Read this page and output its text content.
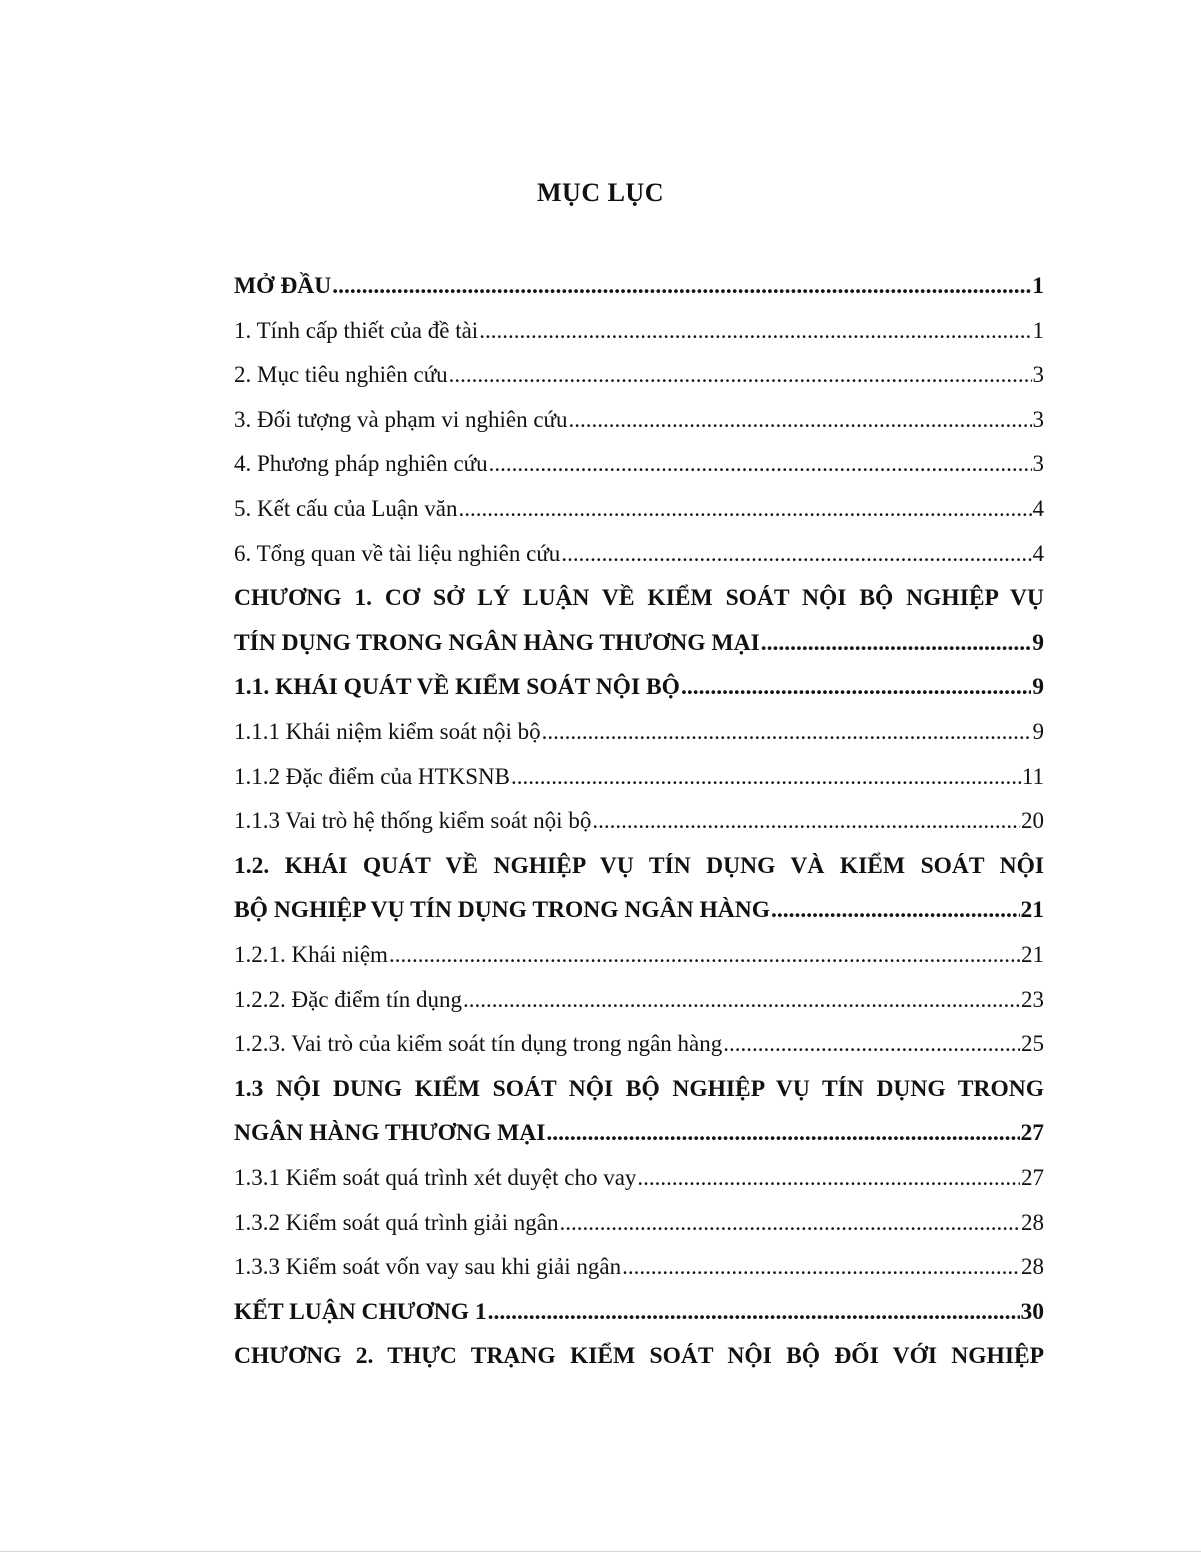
MỤC LỤC
MỞ ĐẦU .....	1
1. Tính cấp thiết của đề tài .....	1
2. Mục tiêu nghiên cứu .....	3
3. Đối tượng và phạm vi nghiên cứu .....	3
4. Phương pháp nghiên cứu .....	3
5. Kết cấu của Luận văn .....	4
6. Tổng quan về tài liệu nghiên cứu .....	4
CHƯƠNG 1. CƠ SỞ LÝ LUẬN VỀ KIỂM SOÁT NỘI BỘ NGHIỆP VỤ
TÍN DỤNG TRONG NGÂN HÀNG THƯƠNG MẠI .....	9
1.1. KHÁI QUÁT VỀ KIỂM SOÁT NỘI BỘ .....	9
1.1.1 Khái niệm kiểm soát nội bộ .....	9
1.1.2 Đặc điểm của HTKSNB .....	11
1.1.3 Vai trò hệ thống kiểm soát nội bộ .....	20
1.2. KHÁI QUÁT VỀ NGHIỆP VỤ TÍN DỤNG VÀ KIỂM SOÁT NỘI
BỘ NGHIỆP VỤ TÍN DỤNG TRONG NGÂN HÀNG .....	21
1.2.1. Khái niệm .....	21
1.2.2. Đặc điểm tín dụng .....	23
1.2.3. Vai trò của kiểm soát tín dụng trong ngân hàng .....	25
1.3 NỘI DUNG KIỂM SOÁT NỘI BỘ NGHIỆP VỤ TÍN DỤNG TRONG
NGÂN HÀNG THƯƠNG MẠI .....	27
1.3.1 Kiểm soát quá trình xét duyệt cho vay .....	27
1.3.2 Kiểm soát quá trình giải ngân .....	28
1.3.3 Kiểm soát vốn vay sau khi giải ngân .....	28
KẾT LUẬN CHƯƠNG 1 .....	30
CHƯƠNG 2. THỰC TRẠNG KIỂM SOÁT NỘI BỘ ĐỐI VỚI NGHIỆP
